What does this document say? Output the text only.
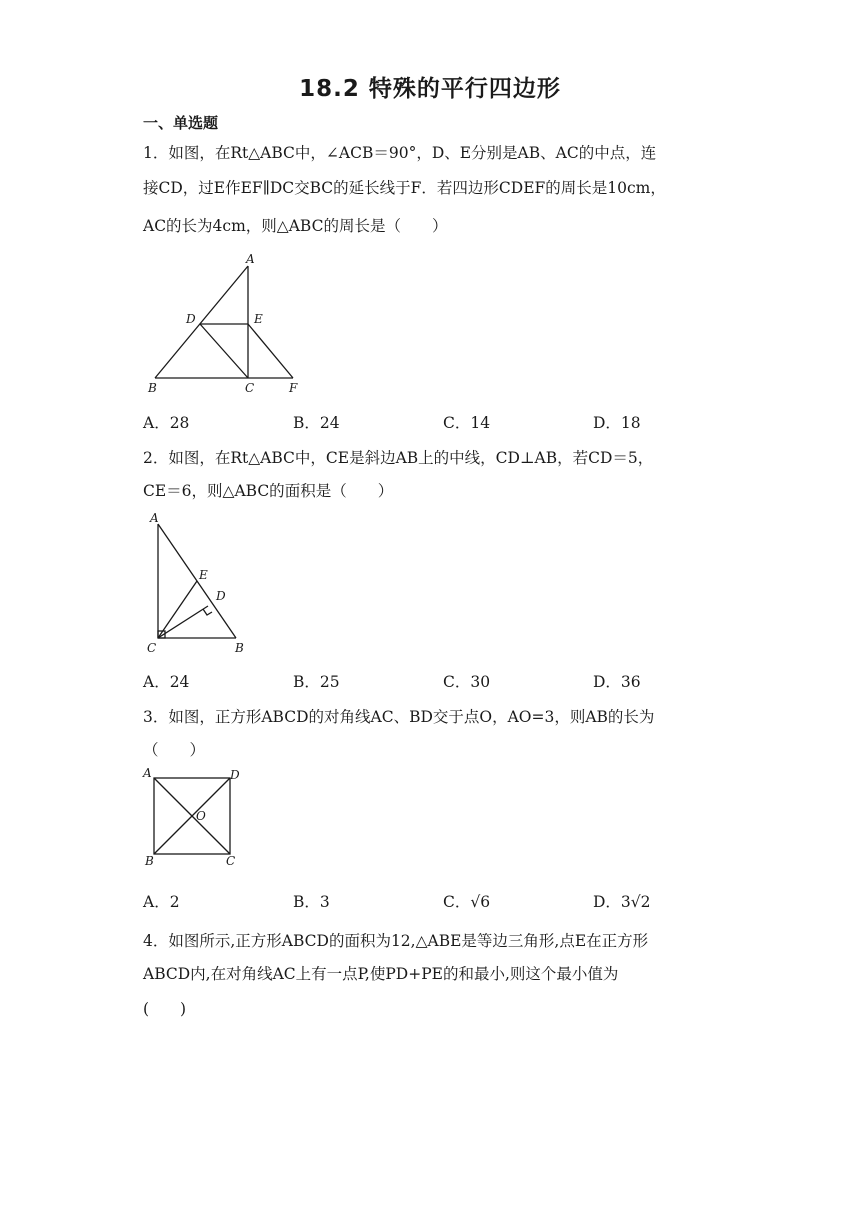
18.2 特殊的平行四边形
一、单选题
1．如图，在Rt△ABC中，∠ACB＝90°，D、E分别是AB、AC的中点，连
接CD，过E作EF∥DC交BC的延长线于F．若四边形CDEF的周长是10cm，
AC的长为4cm，则△ABC的周长是（　　）
A
D	E
B	C	F
A．28	B．24	C．14	D．18
2．如图，在Rt△ABC中，CE是斜边AB上的中线，CD⊥AB，若CD＝5，
CE＝6，则△ABC的面积是（　　）
A
E
D
C	B
A．24	B．25	C．30	D．36
3．如图，正方形ABCD的对角线AC、BD交于点O，AO=3，则AB的长为
（　　）
A	D
O
B	C
A．2	B．3	C．√6	D．3√2
4．如图所示,正方形ABCD的面积为12,△ABE是等边三角形,点E在正方形
ABCD内,在对角线AC上有一点P,使PD+PE的和最小,则这个最小值为
(　　)
